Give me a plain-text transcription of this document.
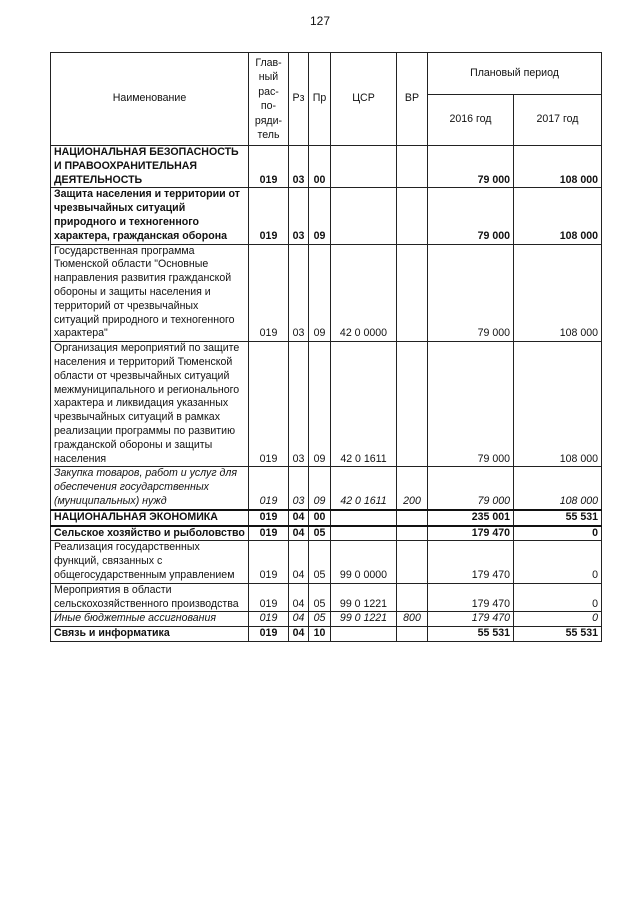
127
Наименование	Глав-ный рас-по-ряди-тель	Рз	Пр	ЦСР	ВР	Плановый период	
						2016 год	2017 год
НАЦИОНАЛЬНАЯ БЕЗОПАСНОСТЬ И ПРАВООХРАНИТЕЛЬНАЯ ДЕЯТЕЛЬНОСТЬ	019	03	00			79 000	108 000
Защита населения и территории от чрезвычайных ситуаций природного и техногенного характера, гражданская оборона	019	03	09			79 000	108 000
Государственная программа Тюменской области "Основные направления развития гражданской обороны и защиты населения и территорий от чрезвычайных ситуаций природного и техногенного характера"	019	03	09	42 0 0000		79 000	108 000
Организация мероприятий по защите населения и территорий Тюменской области от чрезвычайных ситуаций межмуниципального и регионального характера и ликвидация указанных чрезвычайных ситуаций в рамках реализации программы по развитию гражданской обороны и защиты населения	019	03	09	42 0 1611		79 000	108 000
Закупка товаров, работ и услуг для обеспечения государственных (муниципальных) нужд	019	03	09	42 0 1611	200	79 000	108 000
НАЦИОНАЛЬНАЯ ЭКОНОМИКА	019	04	00			235 001	55 531
Сельское хозяйство и рыболовство	019	04	05			179 470	0
Реализация государственных функций, связанных с общегосударственным управлением	019	04	05	99 0 0000		179 470	0
Мероприятия в области сельскохозяйственного производства	019	04	05	99 0 1221		179 470	0
Иные бюджетные ассигнования	019	04	05	99 0 1221	800	179 470	0
Связь и информатика	019	04	10			55 531	55 531
